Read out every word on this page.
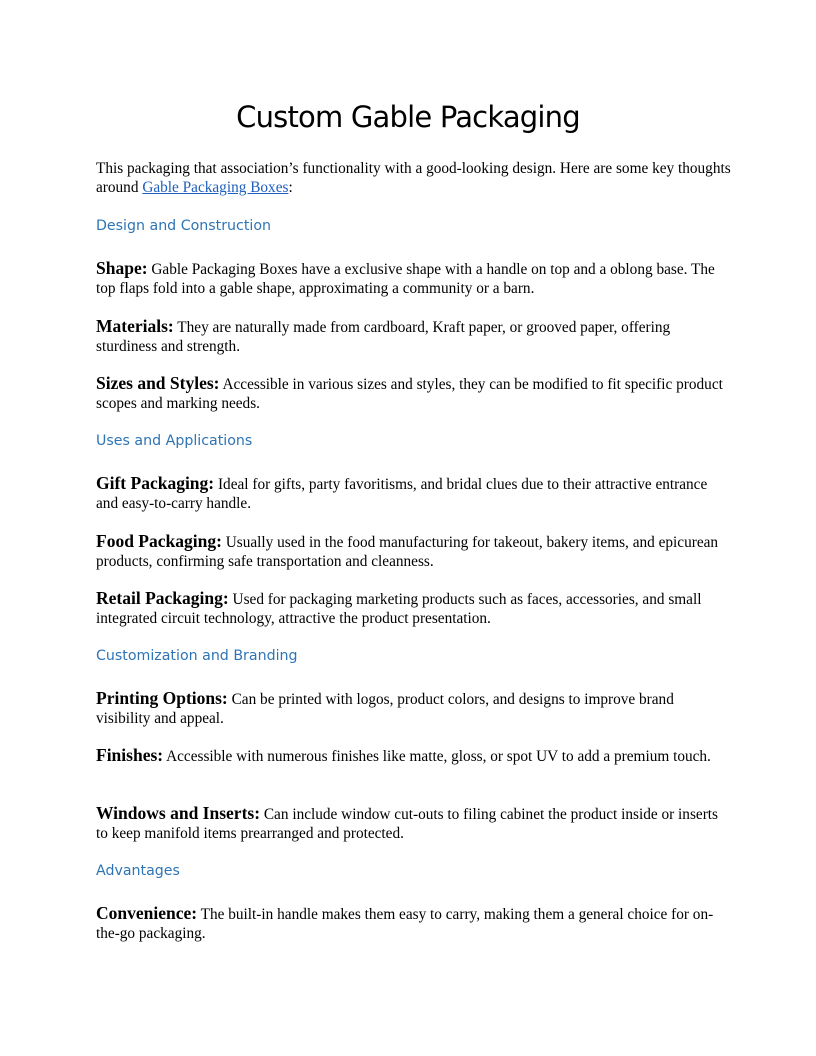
Custom Gable Packaging

This packaging that association’s functionality with a good-looking design. Here are some key thoughts around Gable Packaging Boxes:

Design and Construction

Shape: Gable Packaging Boxes have a exclusive shape with a handle on top and a oblong base. The top flaps fold into a gable shape, approximating a community or a barn.

Materials: They are naturally made from cardboard, Kraft paper, or grooved paper, offering sturdiness and strength.

Sizes and Styles: Accessible in various sizes and styles, they can be modified to fit specific product scopes and marking needs.

Uses and Applications

Gift Packaging: Ideal for gifts, party favoritisms, and bridal clues due to their attractive entrance and easy-to-carry handle.

Food Packaging: Usually used in the food manufacturing for takeout, bakery items, and epicurean products, confirming safe transportation and cleanness.

Retail Packaging: Used for packaging marketing products such as faces, accessories, and small integrated circuit technology, attractive the product presentation.

Customization and Branding

Printing Options: Can be printed with logos, product colors, and designs to improve brand visibility and appeal.

Finishes: Accessible with numerous finishes like matte, gloss, or spot UV to add a premium touch.

Windows and Inserts: Can include window cut-outs to filing cabinet the product inside or inserts to keep manifold items prearranged and protected.

Advantages

Convenience: The built-in handle makes them easy to carry, making them a general choice for on-the-go packaging.
